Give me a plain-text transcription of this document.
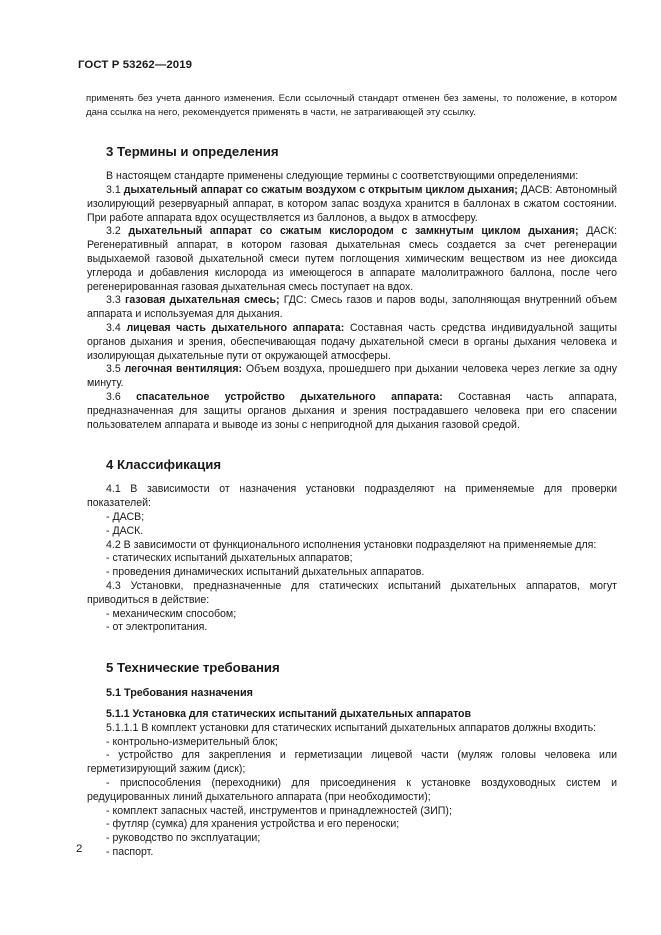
ГОСТ Р 53262—2019

применять без учета данного изменения. Если ссылочный стандарт отменен без замены, то положение, в котором дана ссылка на него, рекомендуется применять в части, не затрагивающей эту ссылку.

3 Термины и определения

В настоящем стандарте применены следующие термины с соответствующими определениями:

3.1 дыхательный аппарат со сжатым воздухом с открытым циклом дыхания; ДАСВ: Автономный изолирующий резервуарный аппарат, в котором запас воздуха хранится в баллонах в сжатом состоянии. При работе аппарата вдох осуществляется из баллонов, а выдох в атмосферу.

3.2 дыхательный аппарат со сжатым кислородом с замкнутым циклом дыхания; ДАСК: Регенеративный аппарат, в котором газовая дыхательная смесь создается за счет регенерации выдыхаемой газовой дыхательной смеси путем поглощения химическим веществом из нее диоксида углерода и добавления кислорода из имеющегося в аппарате малолитражного баллона, после чего регенерированная газовая дыхательная смесь поступает на вдох.

3.3 газовая дыхательная смесь; ГДС: Смесь газов и паров воды, заполняющая внутренний объем аппарата и используемая для дыхания.

3.4 лицевая часть дыхательного аппарата: Составная часть средства индивидуальной защиты органов дыхания и зрения, обеспечивающая подачу дыхательной смеси в органы дыхания человека и изолирующая дыхательные пути от окружающей атмосферы.

3.5 легочная вентиляция: Объем воздуха, прошедшего при дыхании человека через легкие за одну минуту.

3.6 спасательное устройство дыхательного аппарата: Составная часть аппарата, предназначенная для защиты органов дыхания и зрения пострадавшего человека при его спасении пользователем аппарата и выводе из зоны с непригодной для дыхания газовой средой.

4 Классификация

4.1 В зависимости от назначения установки подразделяют на применяемые для проверки показателей:

- ДАСВ;

- ДАСК.

4.2 В зависимости от функционального исполнения установки подразделяют на применяемые для:

- статических испытаний дыхательных аппаратов;

- проведения динамических испытаний дыхательных аппаратов.

4.3 Установки, предназначенные для статических испытаний дыхательных аппаратов, могут приводиться в действие:

- механическим способом;

- от электропитания.

5 Технические требования
5.1 Требования назначения
5.1.1 Установка для статических испытаний дыхательных аппаратов

5.1.1.1 В комплект установки для статических испытаний дыхательных аппаратов должны входить:

- контрольно-измерительный блок;

- устройство для закрепления и герметизации лицевой части (муляж головы человека или герметизирующий зажим (диск);

- приспособления (переходники) для присоединения к установке воздуховодных систем и редуцированных линий дыхательного аппарата (при необходимости);

- комплект запасных частей, инструментов и принадлежностей (ЗИП);

- футляр (сумка) для хранения устройства и его переноски;

- руководство по эксплуатации;

- паспорт.

2
